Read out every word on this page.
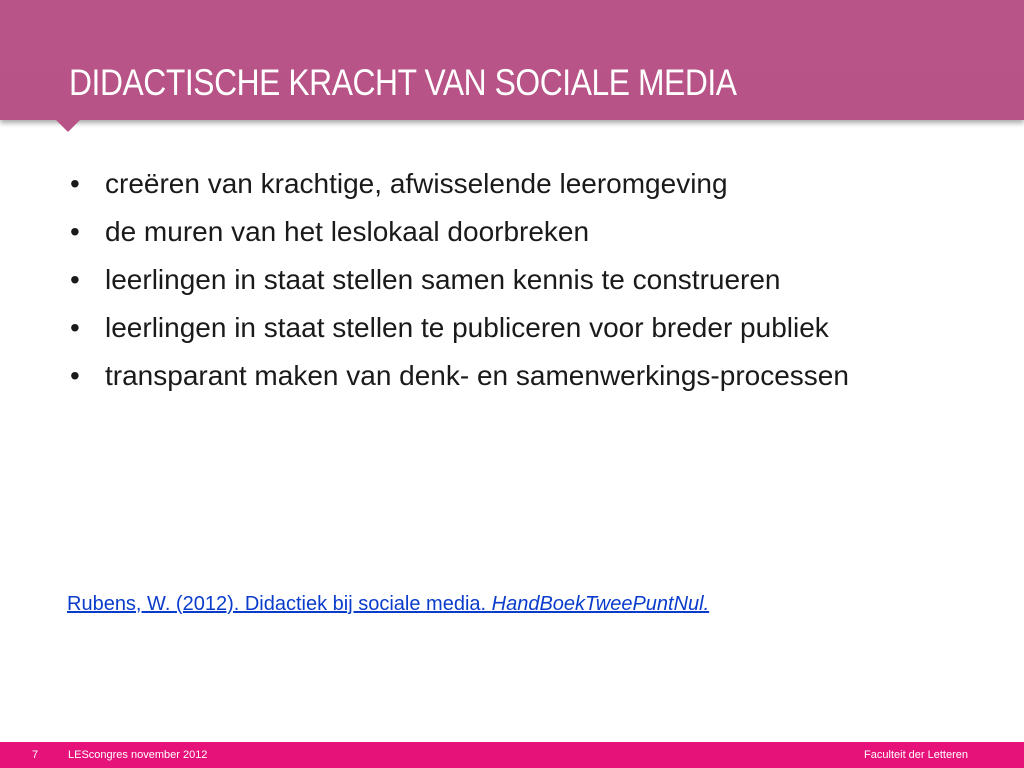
DIDACTISCHE KRACHT VAN SOCIALE MEDIA
• creëren van krachtige, afwisselende leeromgeving
• de muren van het leslokaal doorbreken
• leerlingen in staat stellen samen kennis te construeren
• leerlingen in staat stellen te publiceren voor breder publiek
• transparant maken van denk- en samenwerkings-processen
Rubens, W. (2012). Didactiek bij sociale media. HandBoekTweePuntNul.
7	LEScongres november 2012	Faculteit der Letteren
